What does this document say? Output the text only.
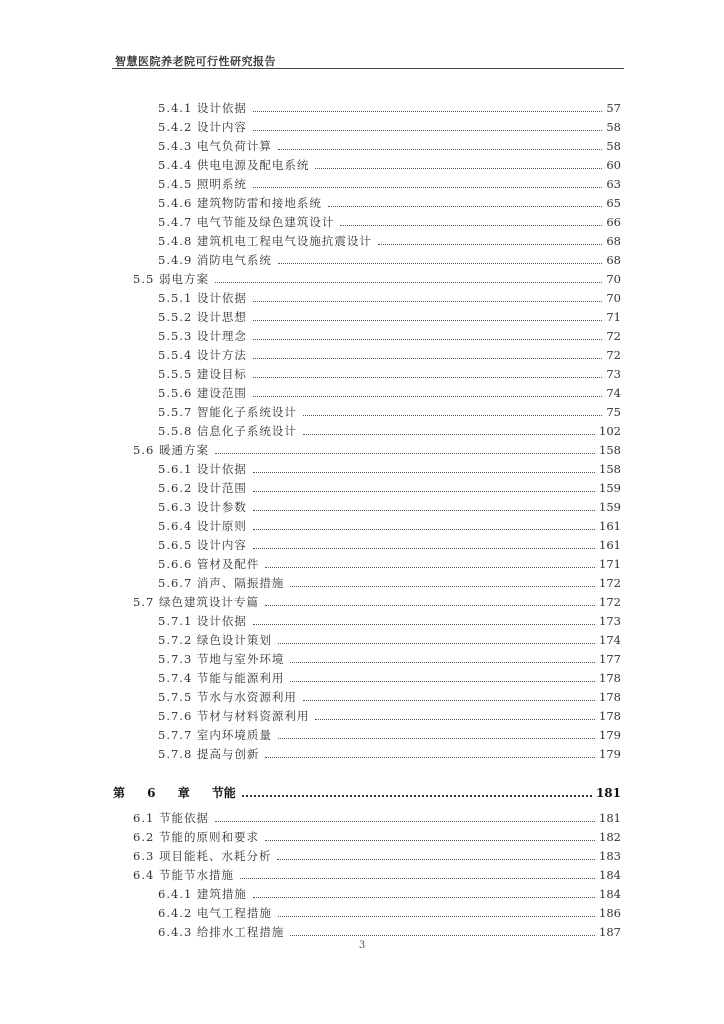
智慧医院养老院可行性研究报告
5.4.1 设计依据	57
5.4.2 设计内容	58
5.4.3 电气负荷计算	58
5.4.4 供电电源及配电系统	60
5.4.5 照明系统	63
5.4.6 建筑物防雷和接地系统	65
5.4.7 电气节能及绿色建筑设计	66
5.4.8 建筑机电工程电气设施抗震设计	68
5.4.9 消防电气系统	68
5.5 弱电方案	70
5.5.1 设计依据	70
5.5.2 设计思想	71
5.5.3 设计理念	72
5.5.4 设计方法	72
5.5.5 建设目标	73
5.5.6 建设范围	74
5.5.7 智能化子系统设计	75
5.5.8 信息化子系统设计	102
5.6 暖通方案	158
5.6.1 设计依据	158
5.6.2 设计范围	159
5.6.3 设计参数	159
5.6.4 设计原则	161
5.6.5 设计内容	161
5.6.6 管材及配件	171
5.6.7 消声、隔振措施	172
5.7 绿色建筑设计专篇	172
5.7.1 设计依据	173
5.7.2 绿色设计策划	174
5.7.3 节地与室外环境	177
5.7.4 节能与能源利用	178
5.7.5 节水与水资源利用	178
5.7.6 节材与材料资源利用	178
5.7.7 室内环境质量	179
5.7.8 提高与创新	179
第 6 章	节能	181
6.1 节能依据	181
6.2 节能的原则和要求	182
6.3 项目能耗、水耗分析	183
6.4 节能节水措施	184
6.4.1 建筑措施	184
6.4.2 电气工程措施	186
6.4.3 给排水工程措施	187
3
